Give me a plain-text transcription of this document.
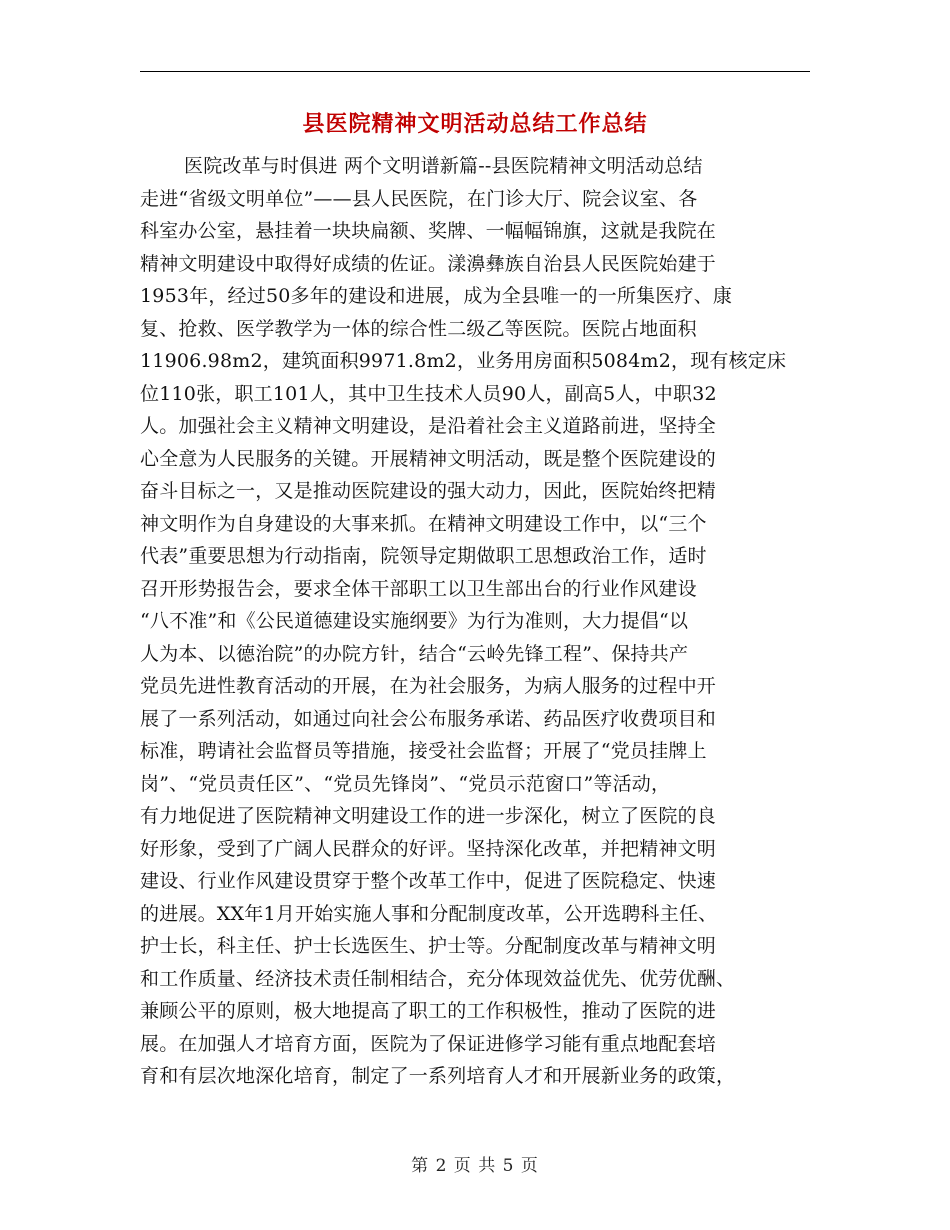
县医院精神文明活动总结工作总结
医院改革与时俱进 两个文明谱新篇--县医院精神文明活动总结
走进“省级文明单位”——县人民医院，在门诊大厅、院会议室、各
科室办公室，悬挂着一块块扁额、奖牌、一幅幅锦旗，这就是我院在
精神文明建设中取得好成绩的佐证。漾濞彝族自治县人民医院始建于
1953年，经过50多年的建设和进展，成为全县唯一的一所集医疗、康
复、抢救、医学教学为一体的综合性二级乙等医院。医院占地面积
11906.98m2，建筑面积9971.8m2，业务用房面积5084m2，现有核定床
位110张，职工101人，其中卫生技术人员90人，副高5人，中职32
人。加强社会主义精神文明建设，是沿着社会主义道路前进，坚持全
心全意为人民服务的关键。开展精神文明活动，既是整个医院建设的
奋斗目标之一，又是推动医院建设的强大动力，因此，医院始终把精
神文明作为自身建设的大事来抓。在精神文明建设工作中，以“三个
代表”重要思想为行动指南，院领导定期做职工思想政治工作，适时
召开形势报告会，要求全体干部职工以卫生部出台的行业作风建设
“八不准”和《公民道德建设实施纲要》为行为准则，大力提倡“以
人为本、以德治院”的办院方针，结合“云岭先锋工程”、保持共产
党员先进性教育活动的开展，在为社会服务，为病人服务的过程中开
展了一系列活动，如通过向社会公布服务承诺、药品医疗收费项目和
标准，聘请社会监督员等措施，接受社会监督；开展了“党员挂牌上
岗”、“党员责任区”、“党员先锋岗”、“党员示范窗口”等活动，
有力地促进了医院精神文明建设工作的进一步深化，树立了医院的良
好形象，受到了广阔人民群众的好评。坚持深化改革，并把精神文明
建设、行业作风建设贯穿于整个改革工作中，促进了医院稳定、快速
的进展。XX年1月开始实施人事和分配制度改革，公开选聘科主任、
护士长，科主任、护士长选医生、护士等。分配制度改革与精神文明
和工作质量、经济技术责任制相结合，充分体现效益优先、优劳优酬、
兼顾公平的原则，极大地提高了职工的工作积极性，推动了医院的进
展。在加强人才培育方面，医院为了保证进修学习能有重点地配套培
育和有层次地深化培育，制定了一系列培育人才和开展新业务的政策，
第 2 页 共 5 页
